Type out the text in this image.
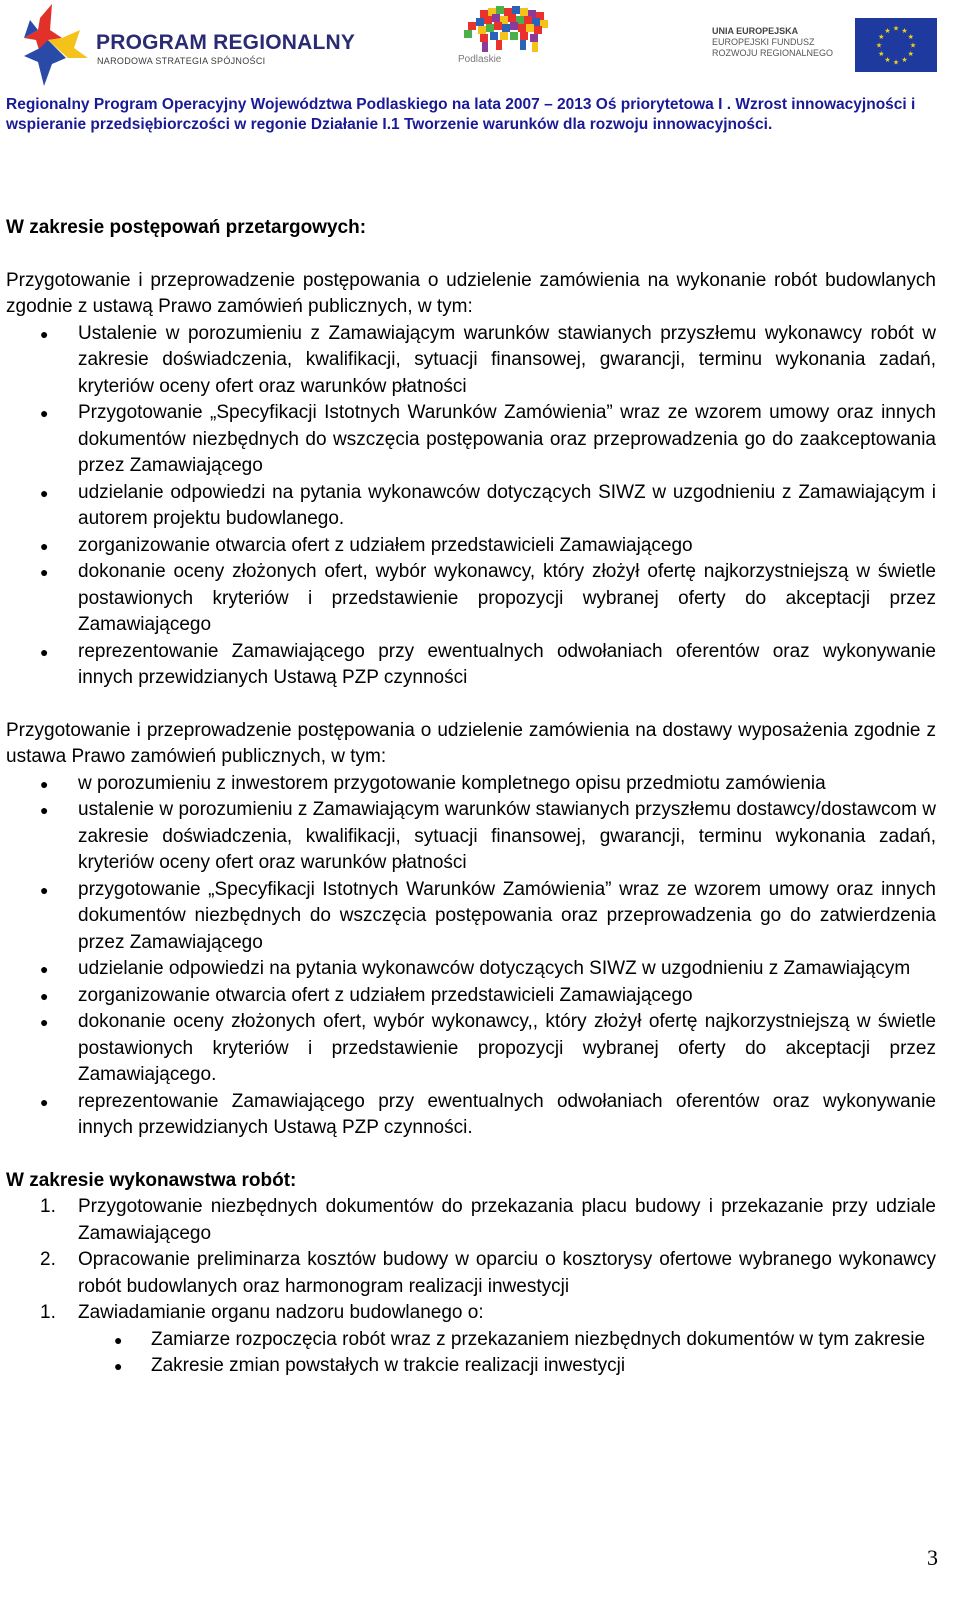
PROGRAM REGIONALNY
NARODOWA STRATEGIA SPÓJNOŚCI	Podlaskie
UNIA EUROPEJSKA
EUROPEJSKI FUNDUSZ
ROZWOJU REGIONALNEGO
★
★
★
★
★
★
★
★
★ ★ ★
★
Regionalny Program Operacyjny Województwa Podlaskiego na lata 2007 – 2013 Oś priorytetowa I . Wzrost innowacyjności i wspieranie przedsiębiorczości w regonie Działanie I.1 Tworzenie warunków dla rozwoju innowacyjności.
W zakresie postępowań przetargowych:
Przygotowanie i przeprowadzenie postępowania o udzielenie zamówienia na wykonanie robót budowlanych zgodnie z ustawą Prawo zamówień publicznych, w tym:
● Ustalenie w porozumieniu z Zamawiającym warunków stawianych przyszłemu wykonawcy robót w zakresie doświadczenia, kwalifikacji, sytuacji finansowej, gwarancji, terminu wykonania zadań, kryteriów oceny ofert oraz warunków płatności
● Przygotowanie „Specyfikacji Istotnych Warunków Zamówienia” wraz ze wzorem umowy oraz innych dokumentów niezbędnych do wszczęcia postępowania oraz przeprowadzenia go do zaakceptowania przez Zamawiającego
● udzielanie odpowiedzi na pytania wykonawców dotyczących SIWZ w uzgodnieniu z Zamawiającym i autorem projektu budowlanego.
● zorganizowanie otwarcia ofert z udziałem przedstawicieli Zamawiającego
● dokonanie oceny złożonych ofert, wybór wykonawcy, który złożył ofertę najkorzystniejszą w świetle postawionych kryteriów i przedstawienie propozycji wybranej oferty do akceptacji przez Zamawiającego
● reprezentowanie Zamawiającego przy ewentualnych odwołaniach oferentów oraz wykonywanie innych przewidzianych Ustawą PZP czynności
Przygotowanie i przeprowadzenie postępowania o udzielenie zamówienia na dostawy wyposażenia zgodnie z ustawa Prawo zamówień publicznych, w tym:
● w porozumieniu z inwestorem przygotowanie kompletnego opisu przedmiotu zamówienia
● ustalenie w porozumieniu z Zamawiającym warunków stawianych przyszłemu dostawcy/dostawcom w zakresie doświadczenia, kwalifikacji, sytuacji finansowej, gwarancji, terminu wykonania zadań, kryteriów oceny ofert oraz warunków płatności
● przygotowanie „Specyfikacji Istotnych Warunków Zamówienia” wraz ze wzorem umowy oraz innych dokumentów niezbędnych do wszczęcia postępowania oraz przeprowadzenia go do zatwierdzenia przez Zamawiającego
● udzielanie odpowiedzi na pytania wykonawców dotyczących SIWZ w uzgodnieniu z Zamawiającym
● zorganizowanie otwarcia ofert z udziałem przedstawicieli Zamawiającego
● dokonanie oceny złożonych ofert, wybór wykonawcy,, który złożył ofertę najkorzystniejszą w świetle postawionych kryteriów i przedstawienie propozycji wybranej oferty do akceptacji przez Zamawiającego.
● reprezentowanie Zamawiającego przy ewentualnych odwołaniach oferentów oraz wykonywanie innych przewidzianych Ustawą PZP czynności.
W zakresie wykonawstwa robót:
1. Przygotowanie niezbędnych dokumentów do przekazania placu budowy i przekazanie przy udziale Zamawiającego
2. Opracowanie preliminarza kosztów budowy w oparciu o kosztorysy ofertowe wybranego wykonawcy robót budowlanych oraz harmonogram realizacji inwestycji
1. Zawiadamianie organu nadzoru budowlanego o:
● Zamiarze rozpoczęcia robót wraz z przekazaniem niezbędnych dokumentów w tym zakresie
● Zakresie zmian powstałych w trakcie realizacji inwestycji
3
